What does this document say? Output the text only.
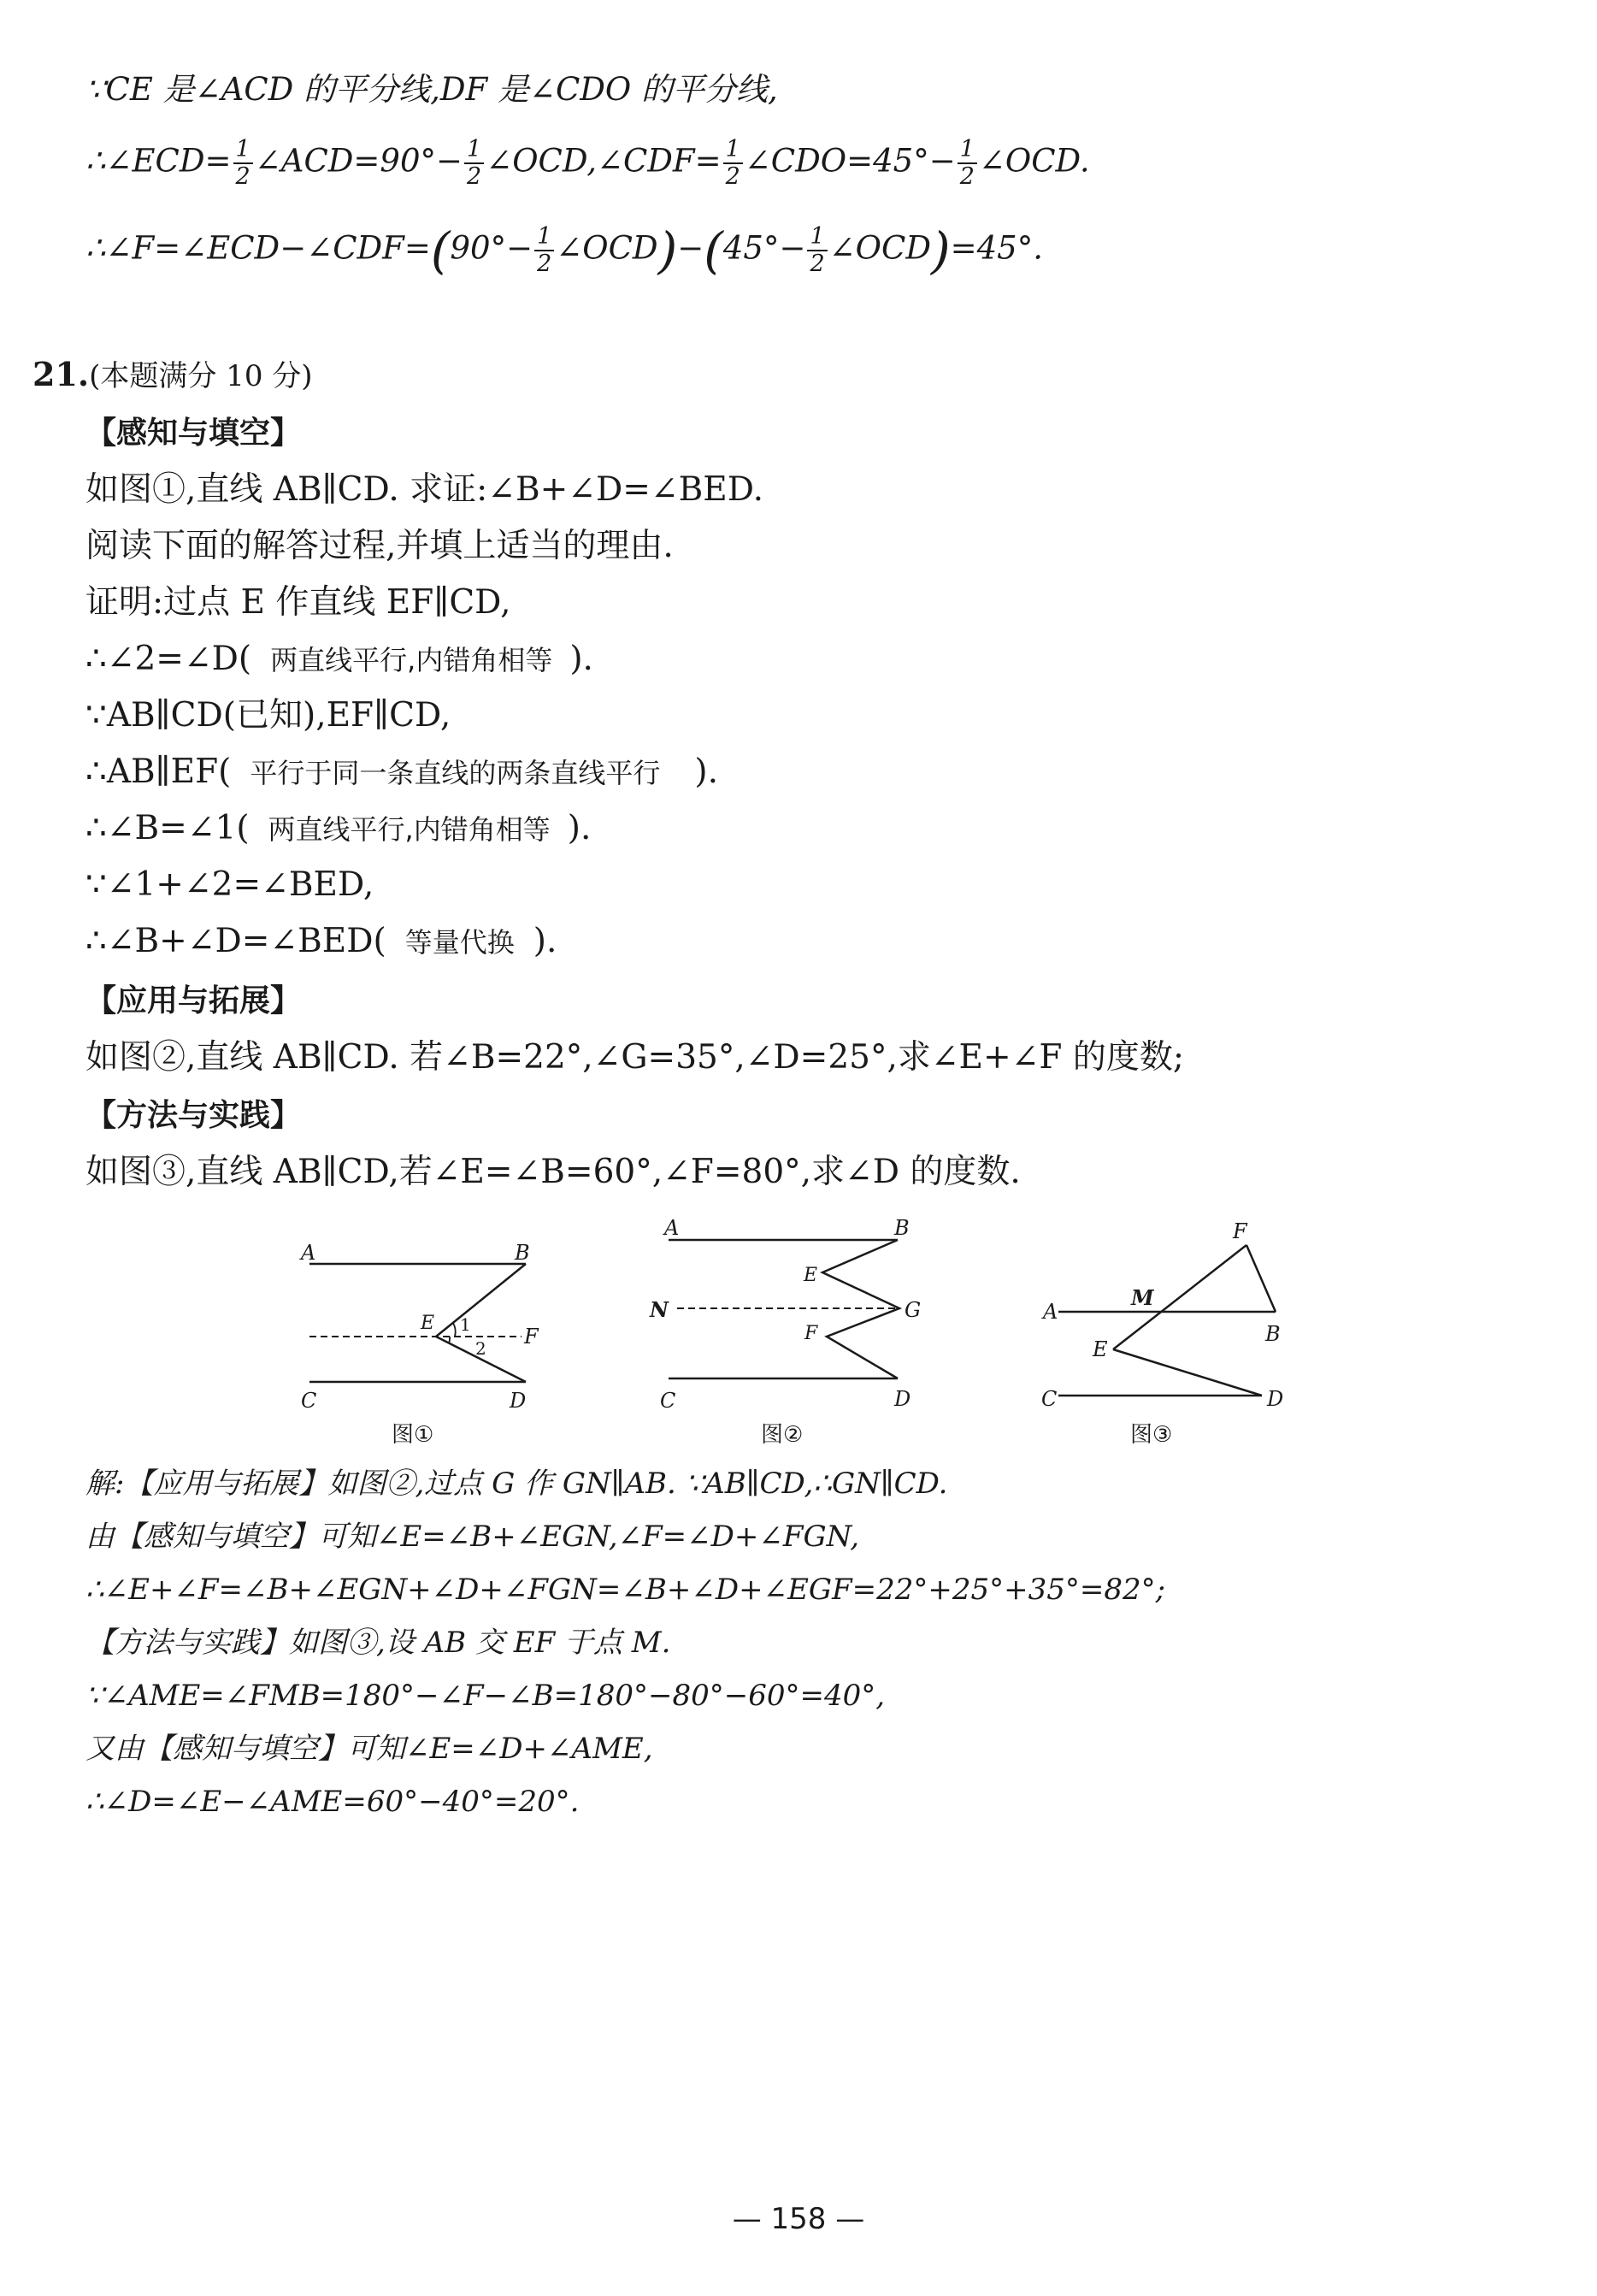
∵CE 是∠ACD 的平分线,DF 是∠CDO 的平分线,
∴∠ECD= $\frac{1}{2}$ ∠ACD=90°− $\frac{1}{2}$ ∠OCD,∠CDF= $\frac{1}{2}$ ∠CDO=45°− $\frac{1}{2}$ ∠OCD.
∴∠F=∠ECD−∠CDF=(90°− $\frac{1}{2}$ ∠OCD)−(45°− $\frac{1}{2}$ ∠OCD)=45°.
21.(本题满分 10 分)
【感知与填空】
如图①,直线 AB∥CD. 求证:∠B+∠D=∠BED.
阅读下面的解答过程,并填上适当的理由.
证明:过点 E 作直线 EF∥CD,
∴∠2=∠D( 两直线平行,内错角相等 ).
∵AB∥CD(已知),EF∥CD,
∴AB∥EF( 平行于同一条直线的两条直线平行 ).
∴∠B=∠1( 两直线平行,内错角相等 ).
∵∠1+∠2=∠BED,
∴∠B+∠D=∠BED( 等量代换 ).
【应用与拓展】
如图②,直线 AB∥CD. 若∠B=22°,∠G=35°,∠D=25°,求∠E+∠F 的度数;
【方法与实践】
如图③,直线 AB∥CD,若∠E=∠B=60°,∠F=80°,求∠D 的度数.
A	B
C	D
E
F
1
2
图①
A	B
C	D
E
G
F
N
图②
A
B
C	D
E
F
M
图③
解:【应用与拓展】如图②,过点 G 作 GN∥AB. ∵AB∥CD,∴GN∥CD.
由【感知与填空】可知∠E=∠B+∠EGN,∠F=∠D+∠FGN,
∴∠E+∠F=∠B+∠EGN+∠D+∠FGN=∠B+∠D+∠EGF=22°+25°+35°=82°;
【方法与实践】如图③,设 AB 交 EF 于点 M.
∵∠AME=∠FMB=180°−∠F−∠B=180°−80°−60°=40°,
又由【感知与填空】可知∠E=∠D+∠AME,
∴∠D=∠E−∠AME=60°−40°=20°.
— 158 —
